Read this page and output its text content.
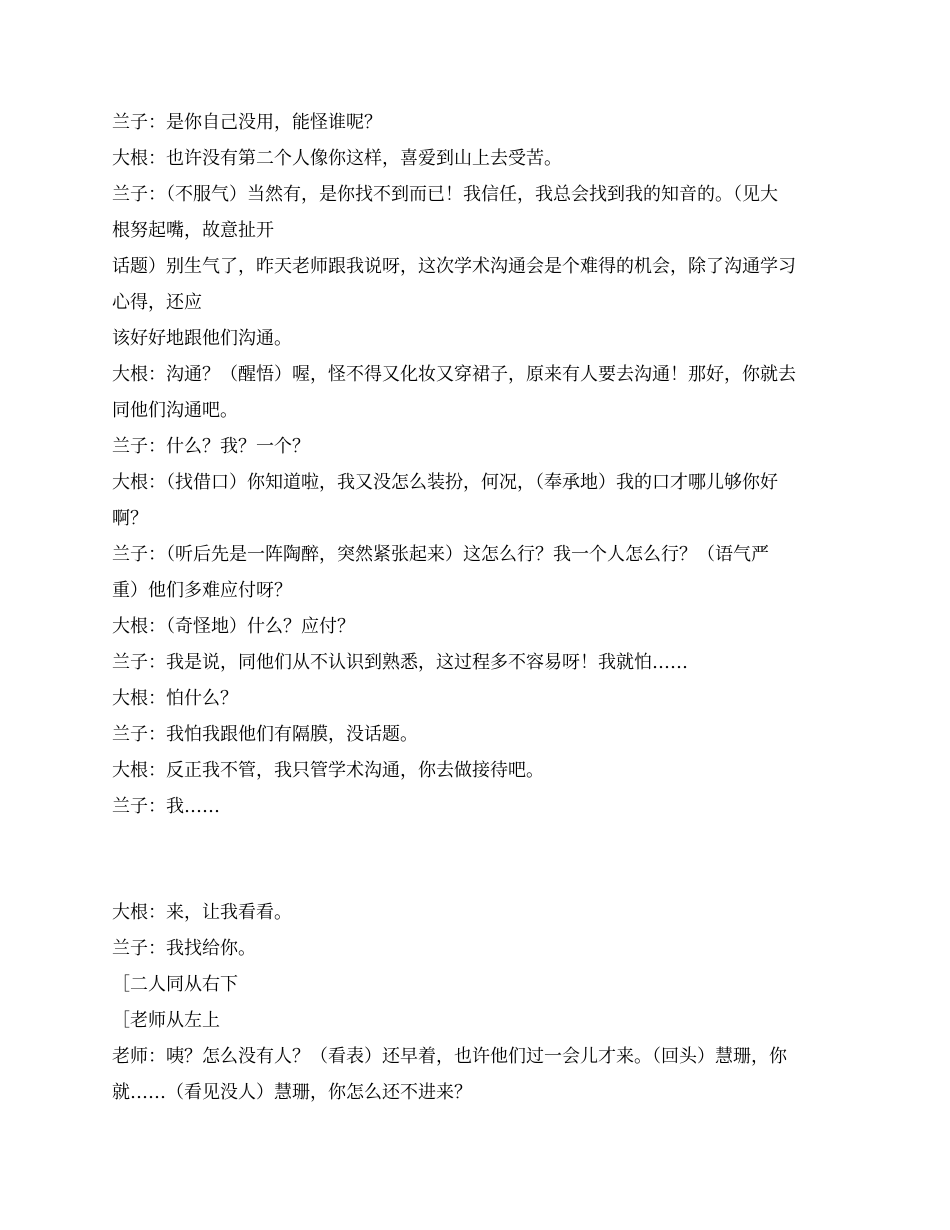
兰子：是你自己没用，能怪谁呢？
大根：也许没有第二个人像你这样，喜爱到山上去受苦。
兰子：（不服气）当然有，是你找不到而已！我信任，我总会找到我的知音的。（见大
根努起嘴，故意扯开
话题）别生气了，昨天老师跟我说呀，这次学术沟通会是个难得的机会，除了沟通学习
心得，还应
该好好地跟他们沟通。
大根：沟通？（醒悟）喔，怪不得又化妆又穿裙子，原来有人要去沟通！那好，你就去
同他们沟通吧。
兰子：什么？我？一个？
大根：（找借口）你知道啦，我又没怎么装扮，何况，（奉承地）我的口才哪儿够你好
啊？
兰子：（听后先是一阵陶醉，突然紧张起来）这怎么行？我一个人怎么行？（语气严
重）他们多难应付呀？
大根：（奇怪地）什么？应付？
兰子：我是说，同他们从不认识到熟悉，这过程多不容易呀！我就怕……
大根：怕什么？
兰子：我怕我跟他们有隔膜，没话题。
大根：反正我不管，我只管学术沟通，你去做接待吧。
兰子：我……
大根：来，让我看看。
兰子：我找给你。
［二人同从右下
［老师从左上
老师：咦？怎么没有人？（看表）还早着，也许他们过一会儿才来。（回头）慧珊，你
就……（看见没人）慧珊，你怎么还不进来？
